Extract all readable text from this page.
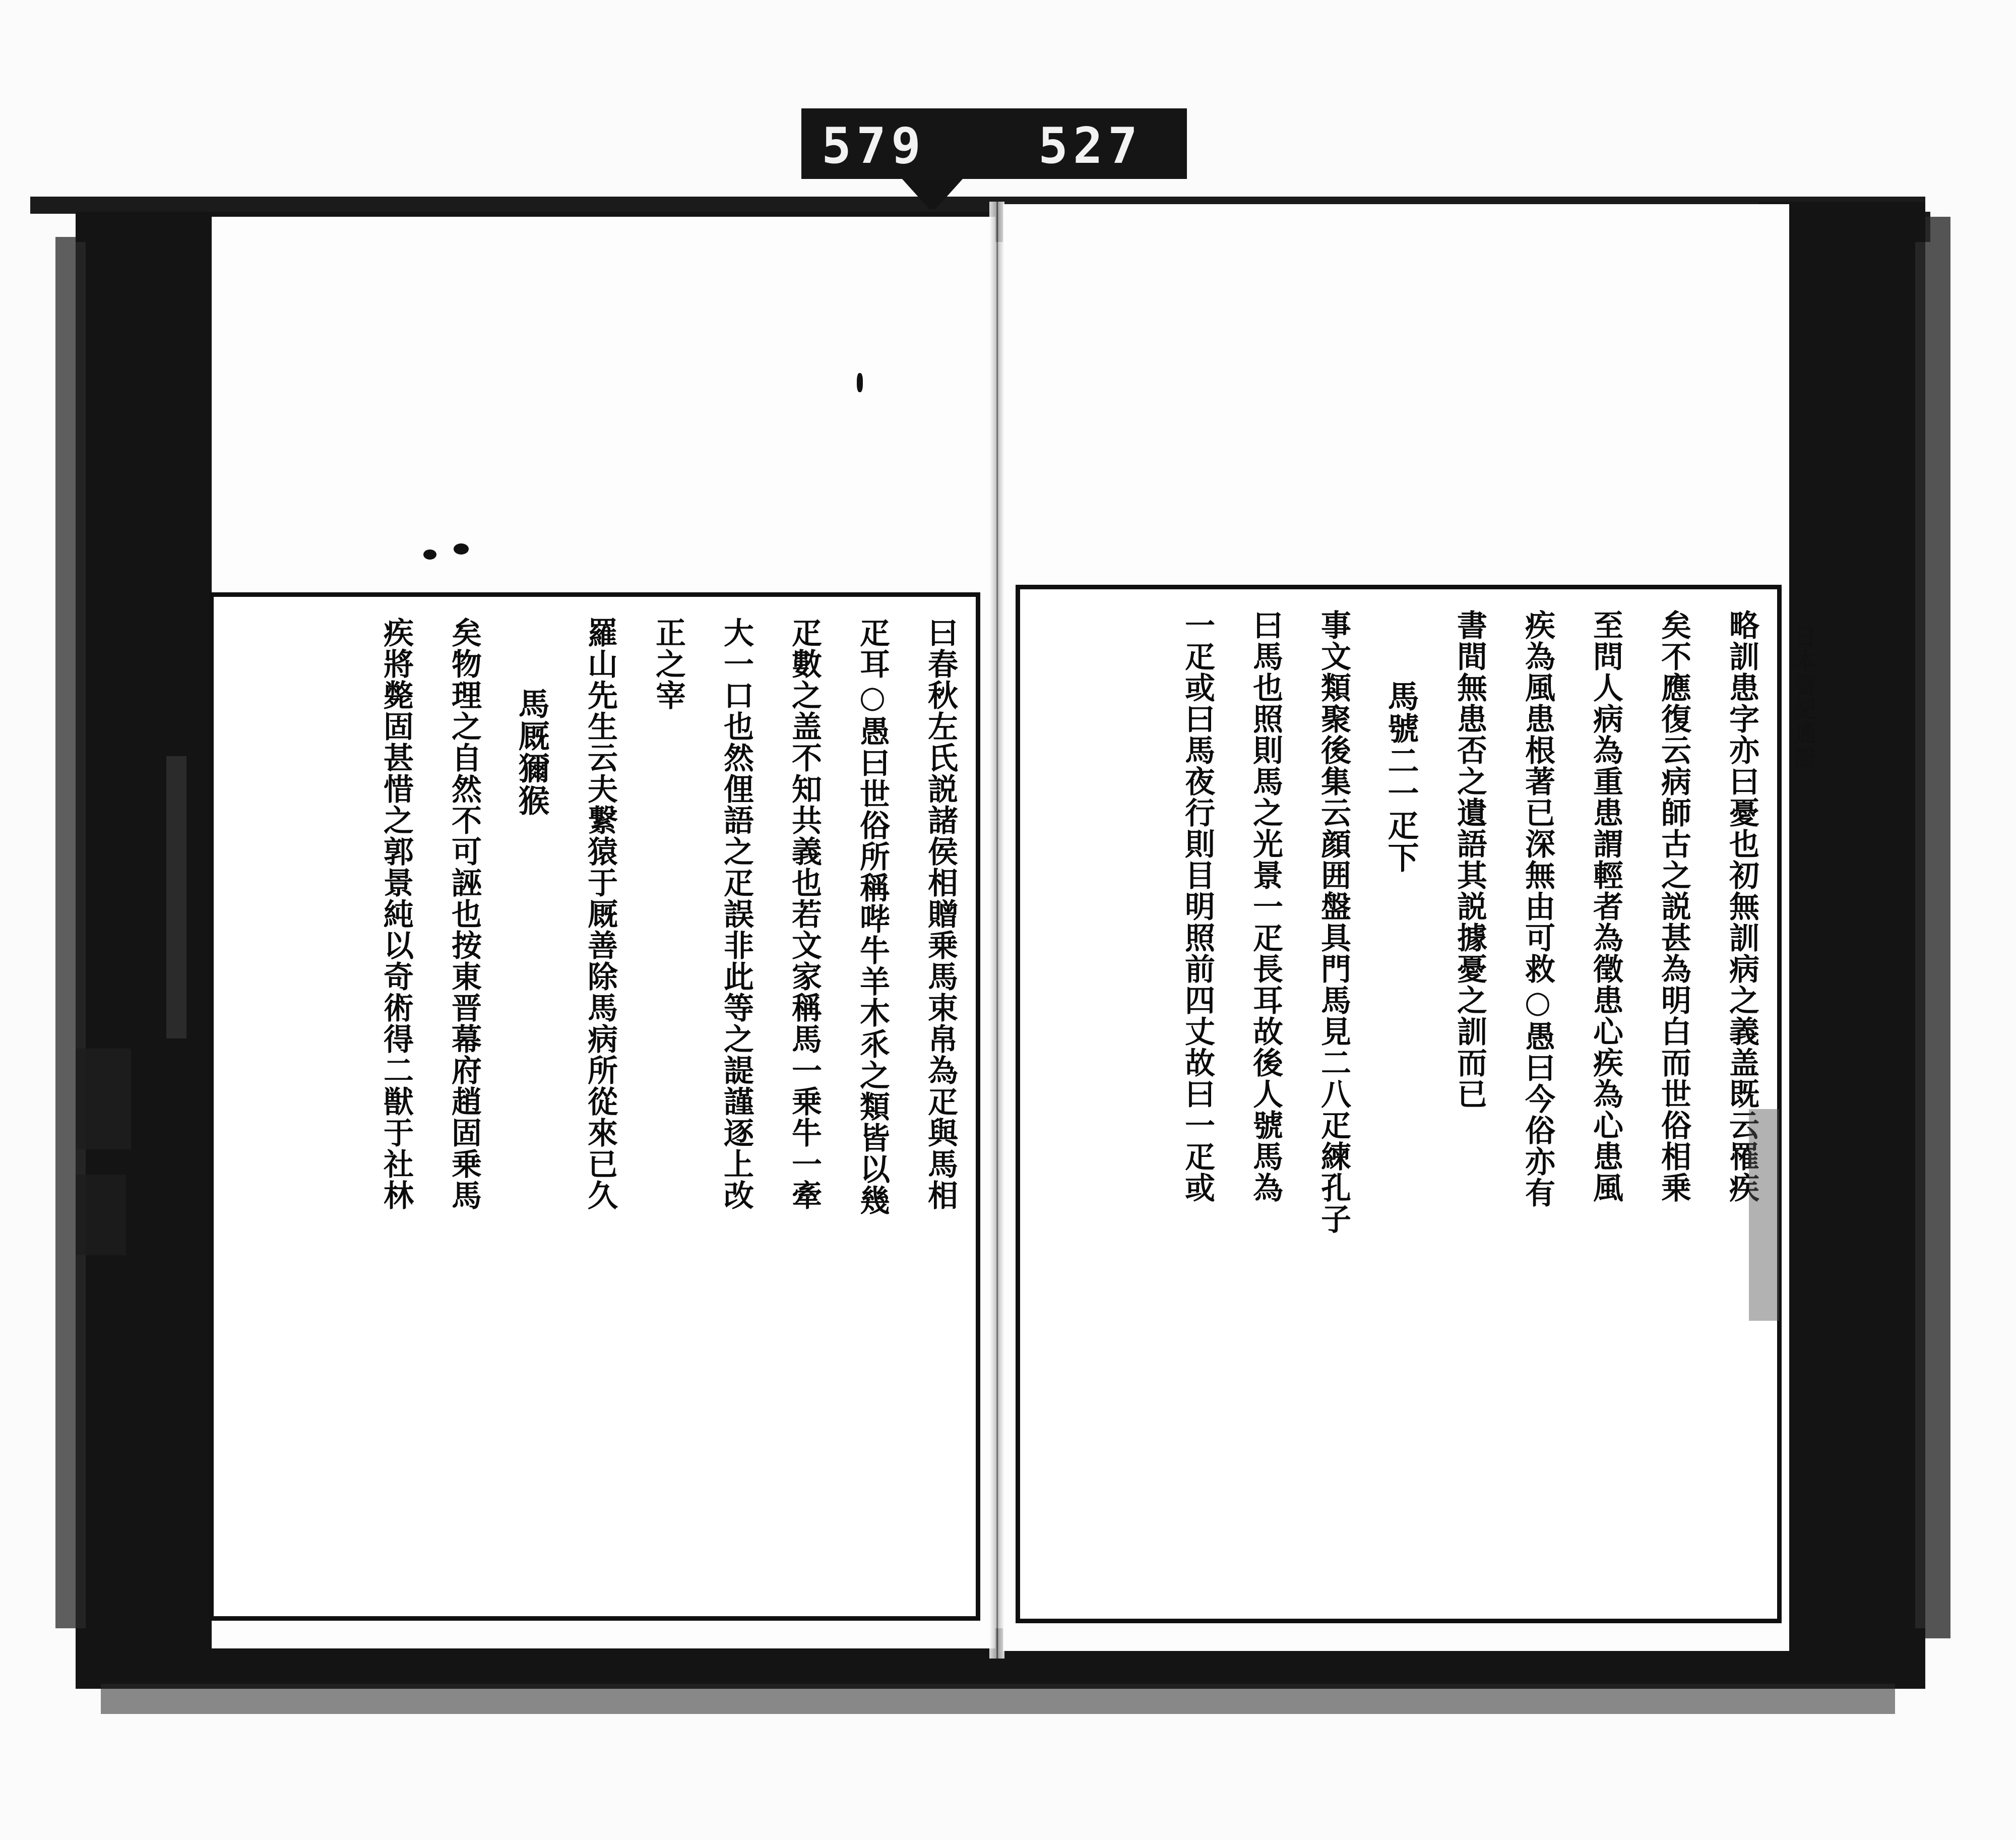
579 527
日本書紀通證
略訓患字亦曰憂也初無訓病之義盖既云罹疾
矣不應復云病師古之説甚為明白而世俗相乗
至問人病為重患謂輕者為徵患心疾為心患風
疾為風患根著已深無由可救○愚曰今俗亦有
書間無患否之遺語其説據憂之訓而已
馬號二一疋下
事文類聚後集云顔囲盤具門馬見二八疋練孔子
曰馬也照則馬之光景一疋長耳故後人號馬為
一疋或曰馬夜行則目明照前四丈故曰一疋或
曰春秋左氏説諸侯相贈乗馬束帛為疋與馬相
疋耳○愚曰世俗所稱哔牛羊木乑之類皆以幾
疋數之盖不知共義也若文家稱馬一乗牛一牽
大一口也然俚語之疋誤非此等之諟謹逐上改
正之宰
羅山先生云夫繋猿于厩善除馬病所從來已久
馬厩獮猴
矣物理之自然不可誣也按東晋幕府趙固乗馬
疾將斃固甚惜之郭景純以奇術得二獣于社林
